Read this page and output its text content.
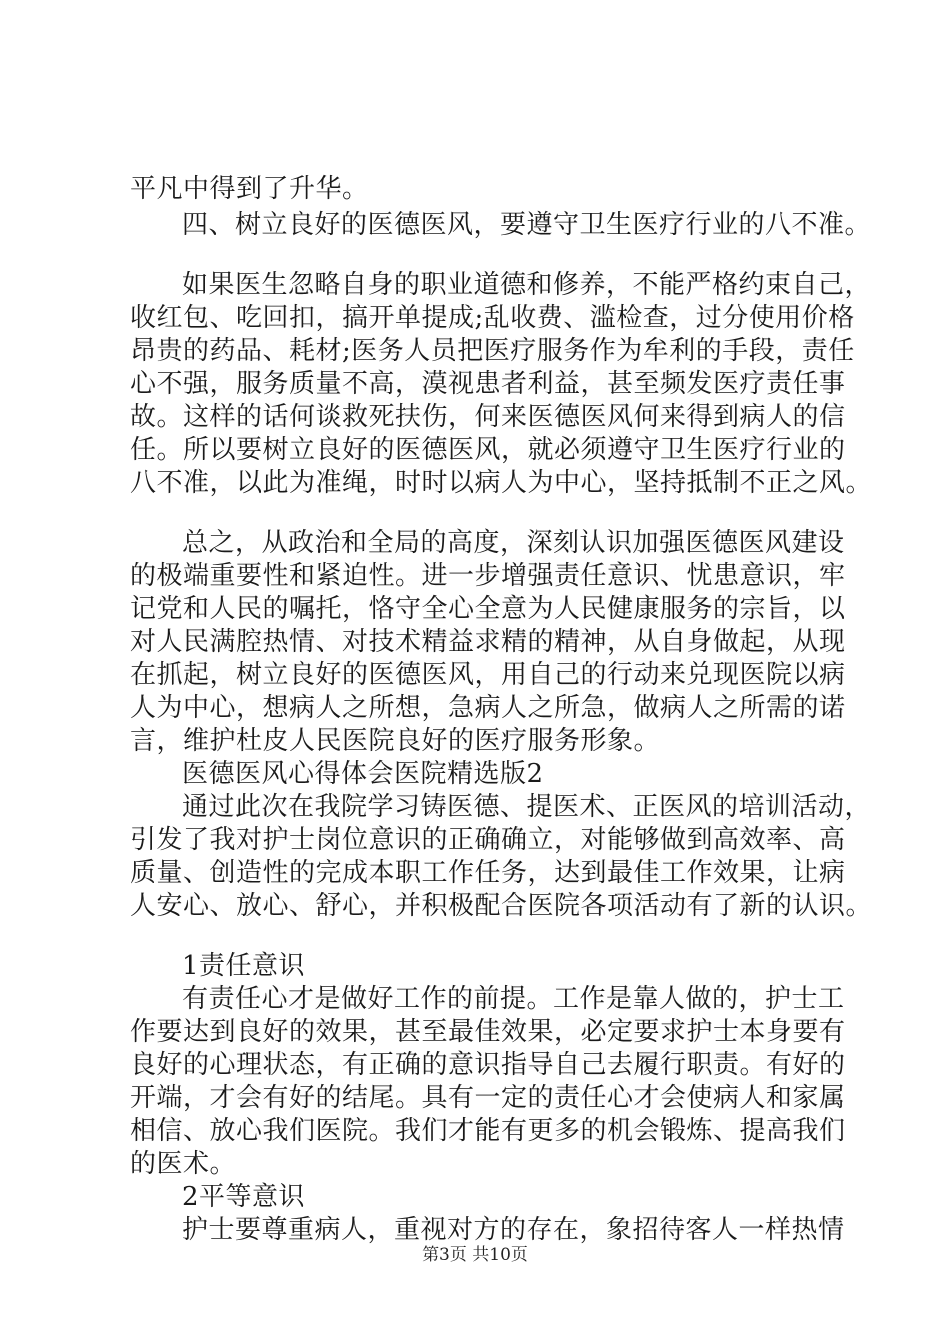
平凡中得到了升华。
四、树立良好的医德医风，要遵守卫生医疗行业的八不准。
如果医生忽略自身的职业道德和修养，不能严格约束自己，
收红包、吃回扣，搞开单提成;乱收费、滥检查，过分使用价格
昂贵的药品、耗材;医务人员把医疗服务作为牟利的手段，责任
心不强，服务质量不高，漠视患者利益，甚至频发医疗责任事
故。这样的话何谈救死扶伤，何来医德医风何来得到病人的信
任。所以要树立良好的医德医风，就必须遵守卫生医疗行业的
八不准，以此为准绳，时时以病人为中心，坚持抵制不正之风。
总之，从政治和全局的高度，深刻认识加强医德医风建设
的极端重要性和紧迫性。进一步增强责任意识、忧患意识，牢
记党和人民的嘱托，恪守全心全意为人民健康服务的宗旨，以
对人民满腔热情、对技术精益求精的精神，从自身做起，从现
在抓起，树立良好的医德医风，用自己的行动来兑现医院以病
人为中心，想病人之所想，急病人之所急，做病人之所需的诺
言，维护杜皮人民医院良好的医疗服务形象。
医德医风心得体会医院精选版2
通过此次在我院学习铸医德、提医术、正医风的培训活动，
引发了我对护士岗位意识的正确确立，对能够做到高效率、高
质量、创造性的完成本职工作任务，达到最佳工作效果，让病
人安心、放心、舒心，并积极配合医院各项活动有了新的认识。
1责任意识
有责任心才是做好工作的前提。工作是靠人做的，护士工
作要达到良好的效果，甚至最佳效果，必定要求护士本身要有
良好的心理状态，有正确的意识指导自己去履行职责。有好的
开端，才会有好的结尾。具有一定的责任心才会使病人和家属
相信、放心我们医院。我们才能有更多的机会锻炼、提高我们
的医术。
2平等意识
护士要尊重病人，重视对方的存在，象招待客人一样热情
第3页 共10页
